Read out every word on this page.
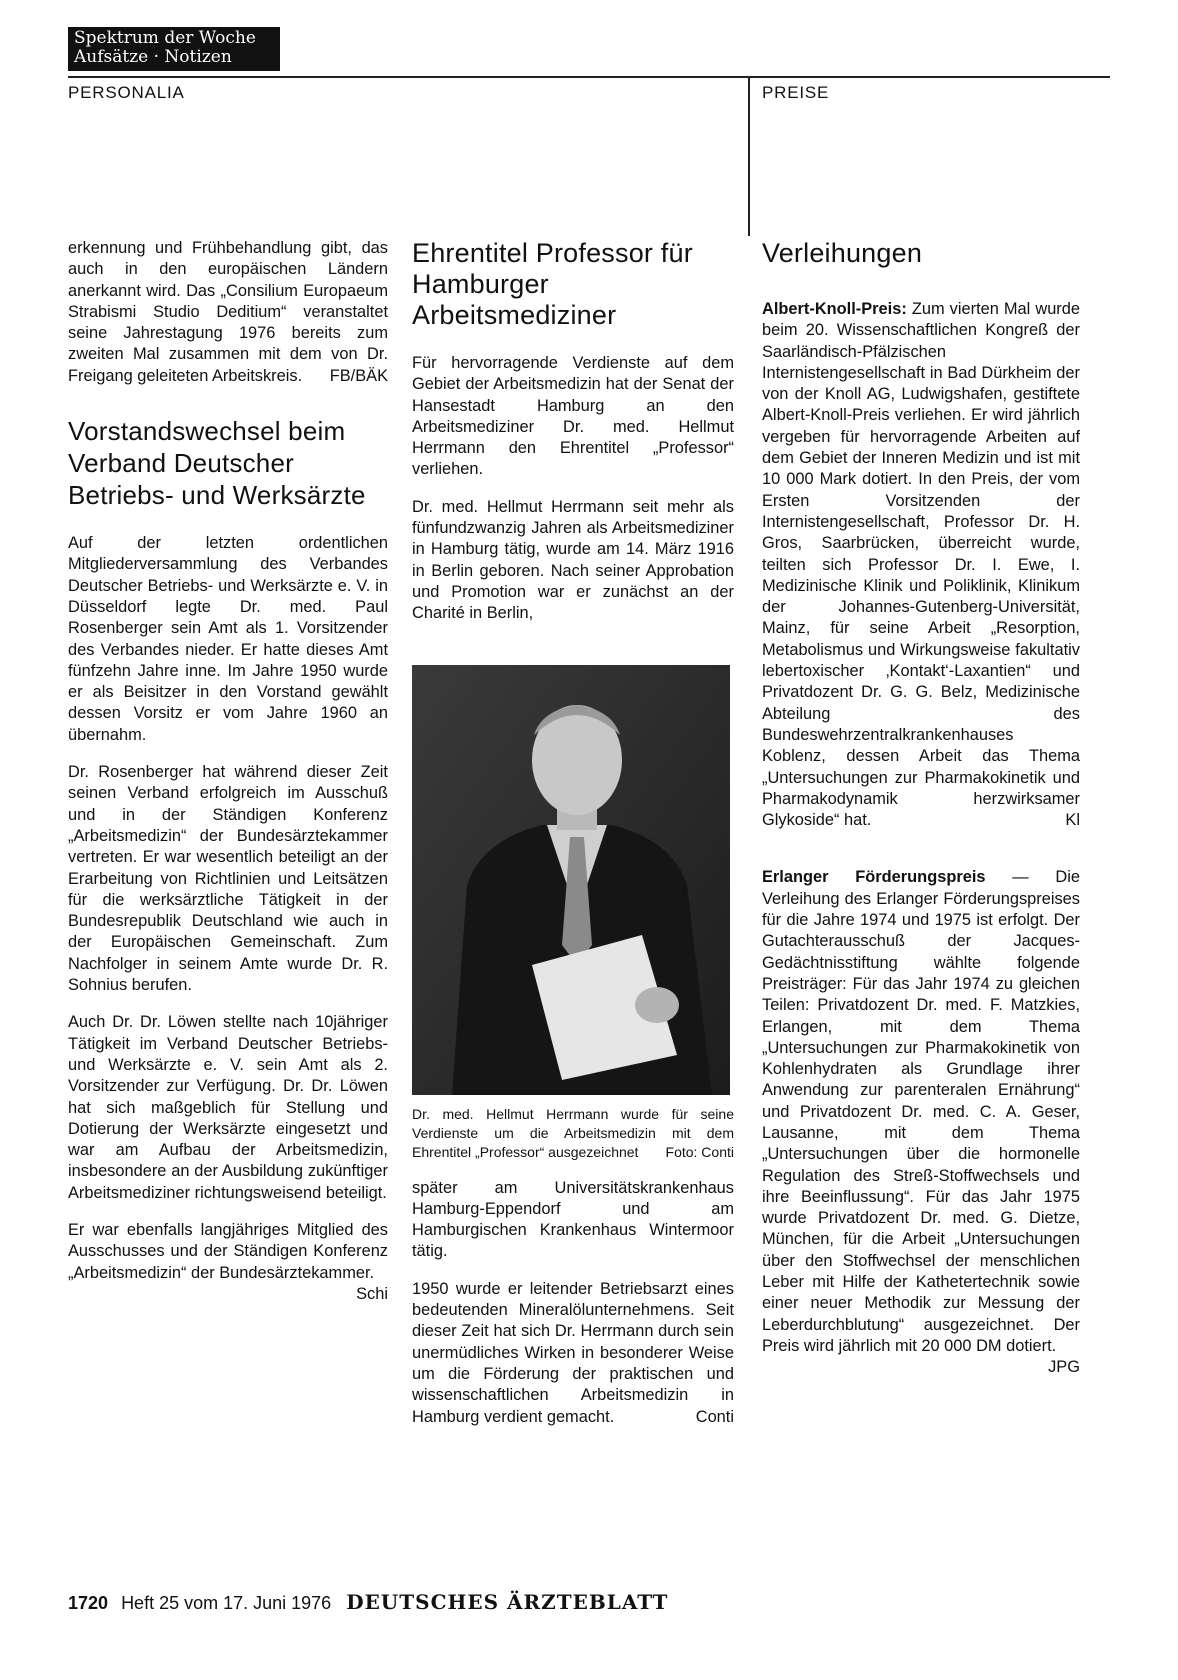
Spektrum der Woche
Aufsätze · Notizen
PERSONALIA	PREISE

erkennung und Frühbehandlung gibt, das auch in den europäischen Ländern anerkannt wird. Das „Consilium Europaeum Strabismi Studio Deditium“ veranstaltet seine Jahrestagung 1976 bereits zum zweiten Mal zusammen mit dem von Dr. Freigang geleiteten Arbeitskreis. FB/BÄK

Vorstandswechsel beim Verband Deutscher Betriebs- und Werksärzte

Auf der letzten ordentlichen Mitgliederversammlung des Verbandes Deutscher Betriebs- und Werksärzte e. V. in Düsseldorf legte Dr. med. Paul Rosenberger sein Amt als 1. Vorsitzender des Verbandes nieder. Er hatte dieses Amt fünfzehn Jahre inne. Im Jahre 1950 wurde er als Beisitzer in den Vorstand gewählt dessen Vorsitz er vom Jahre 1960 an übernahm.

Dr. Rosenberger hat während dieser Zeit seinen Verband erfolgreich im Ausschuß und in der Ständigen Konferenz „Arbeitsmedizin“ der Bundesärztekammer vertreten. Er war wesentlich beteiligt an der Erarbeitung von Richtlinien und Leitsätzen für die werksärztliche Tätigkeit in der Bundesrepublik Deutschland wie auch in der Europäischen Gemeinschaft. Zum Nachfolger in seinem Amte wurde Dr. R. Sohnius berufen.

Auch Dr. Dr. Löwen stellte nach 10jähriger Tätigkeit im Verband Deutscher Betriebs- und Werksärzte e. V. sein Amt als 2. Vorsitzender zur Verfügung. Dr. Dr. Löwen hat sich maßgeblich für Stellung und Dotierung der Werksärzte eingesetzt und war am Aufbau der Arbeitsmedizin, insbesondere an der Ausbildung zukünftiger Arbeitsmediziner richtungsweisend beteiligt.

Er war ebenfalls langjähriges Mitglied des Ausschusses und der Ständigen Konferenz „Arbeitsmedizin“ der Bundesärztekammer.
Schi

Ehrentitel Professor für Hamburger Arbeitsmediziner

Für hervorragende Verdienste auf dem Gebiet der Arbeitsmedizin hat der Senat der Hansestadt Hamburg an den Arbeitsmediziner Dr. med. Hellmut Herrmann den Ehrentitel „Professor“ verliehen.

Dr. med. Hellmut Herrmann seit mehr als fünfundzwanzig Jahren als Arbeitsmediziner in Hamburg tätig, wurde am 14. März 1916 in Berlin geboren. Nach seiner Approbation und Promotion war er zunächst an der Charité in Berlin,

Dr. med. Hellmut Herrmann wurde für seine Verdienste um die Arbeitsmedizin mit dem Ehrentitel „Professor“ ausgezeichnet Foto: Conti

später am Universitätskrankenhaus Hamburg-Eppendorf und am Hamburgischen Krankenhaus Wintermoor tätig.

1950 wurde er leitender Betriebsarzt eines bedeutenden Mineralölunternehmens. Seit dieser Zeit hat sich Dr. Herrmann durch sein unermüdliches Wirken in besonderer Weise um die Förderung der praktischen und wissenschaftlichen Arbeitsmedizin in Hamburg verdient gemacht.	Conti

Verleihungen

Albert-Knoll-Preis: Zum vierten Mal wurde beim 20. Wissenschaftlichen Kongreß der Saarländisch-Pfälzischen Internistengesellschaft in Bad Dürkheim der von der Knoll AG, Ludwigshafen, gestiftete Albert-Knoll-Preis verliehen. Er wird jährlich vergeben für hervorragende Arbeiten auf dem Gebiet der Inneren Medizin und ist mit 10 000 Mark dotiert. In den Preis, der vom Ersten Vorsitzenden der Internistengesellschaft, Professor Dr. H. Gros, Saarbrücken, überreicht wurde, teilten sich Professor Dr. I. Ewe, I. Medizinische Klinik und Poliklinik, Klinikum der Johannes-Gutenberg-Universität, Mainz, für seine Arbeit „Resorption, Metabolismus und Wirkungsweise fakultativ lebertoxischer ‚Kontakt‘-Laxantien“ und Privatdozent Dr. G. G. Belz, Medizinische Abteilung des Bundeswehrzentralkrankenhauses Koblenz, dessen Arbeit das Thema „Untersuchungen zur Pharmakokinetik und Pharmakodynamik herzwirksamer Glykoside“ hat.	Kl

Erlanger Förderungspreis — Die Verleihung des Erlanger Förderungspreises für die Jahre 1974 und 1975 ist erfolgt. Der Gutachterausschuß der Jacques-Gedächtnisstiftung wählte folgende Preisträger: Für das Jahr 1974 zu gleichen Teilen: Privatdozent Dr. med. F. Matzkies, Erlangen, mit dem Thema „Untersuchungen zur Pharmakokinetik von Kohlenhydraten als Grundlage ihrer Anwendung zur parenteralen Ernährung“ und Privatdozent Dr. med. C. A. Geser, Lausanne, mit dem Thema „Untersuchungen über die hormonelle Regulation des Streß-Stoffwechsels und ihre Beeinflussung“. Für das Jahr 1975 wurde Privatdozent Dr. med. G. Dietze, München, für die Arbeit „Untersuchungen über den Stoffwechsel der menschlichen Leber mit Hilfe der Kathetertechnik sowie einer neuer Methodik zur Messung der Leberdurchblutung“ ausgezeichnet. Der Preis wird jährlich mit 20 000 DM dotiert.
JPG

1720 Heft 25 vom 17. Juni 1976 DEUTSCHES ÄRZTEBLATT
